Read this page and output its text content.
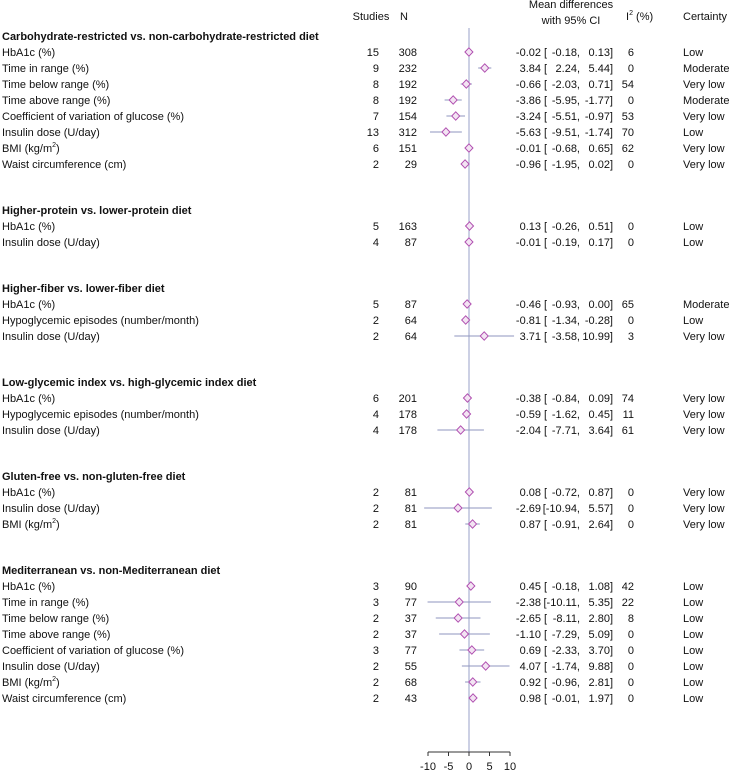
Studies N
Mean differences
with 95% CI $I^2$ (%)	Certainty
Carbohydrate-restricted vs. non-carbohydrate-restricted diet
HbA1c (%)	15 308	-0.02 [ -0.18, 0.13] 6	Low
Time in range (%)	9 232	3.84 [ 2.24, 5.44] 0	Moderate
Time below range (%)	8 192	-0.66 [ -2.03, 0.71] 54	Very low
Time above range (%)	8 192	-3.86 [ -5.95, -1.77] 0	Moderate
Coefficient of variation of glucose (%)	7 154	-3.24 [ -5.51, -0.97] 53	Very low
Insulin dose (U/day)	13 312	-5.63 [ -9.51, -1.74] 70	Low
BMI $(kg/m^2)$	6 151	-0.01 [ -0.68, 0.65] 62	Very low
Waist circumference (cm)	2 29	-0.96 [ -1.95, 0.02] 0	Very low
Higher-protein vs. lower-protein diet
HbA1c (%)	5 163	0.13 [ -0.26, 0.51] 0	Low
Insulin dose (U/day)	4 87	-0.01 [ -0.19, 0.17] 0	Low
Higher-fiber vs. lower-fiber diet
HbA1c (%)	5 87	-0.46 [ -0.93, 0.00] 65	Moderate
Hypoglycemic episodes (number/month)	2 64	-0.81 [ -1.34, -0.28] 0	Low
Insulin dose (U/day)	2 64	3.71 [ -3.58, 10.99] 3	Very low
Low-glycemic index vs. high-glycemic index diet
HbA1c (%)	6 201	-0.38 [ -0.84, 0.09] 74	Very low
Hypoglycemic episodes (number/month)	4 178	-0.59 [ -1.62, 0.45] 11	Very low
Insulin dose (U/day)	4 178	-2.04 [ -7.71, 3.64] 61	Very low
Gluten-free vs. non-gluten-free diet
HbA1c (%)	2 81	0.08 [ -0.72, 0.87] 0	Very low
Insulin dose (U/day)	2 81	-2.69 [-10.94, 5.57] 0	Very low
BMI $(kg/m^2)$	2 81	0.87 [ -0.91, 2.64] 0	Very low
Mediterranean vs. non-Mediterranean diet
HbA1c (%)	3 90	0.45 [ -0.18, 1.08] 42	Low
Time in range (%)	3 77	-2.38 [-10.11, 5.35] 22	Low
Time below range (%)	2 37	-2.65 [ -8.11, 2.80] 8	Low
Time above range (%)	2 37	-1.10 [ -7.29, 5.09] 0	Low
Coefficient of variation of glucose (%)	3 77	0.69 [ -2.33, 3.70] 0	Low
Insulin dose (U/day)	2 55	4.07 [ -1.74, 9.88] 0	Low
BMI $(kg/m^2)$	2 68	0.92 [ -0.96, 2.81] 0	Low
Waist circumference (cm)	2 43	0.98 [ -0.01, 1.97] 0	Low
-10 -5 0 5 10
